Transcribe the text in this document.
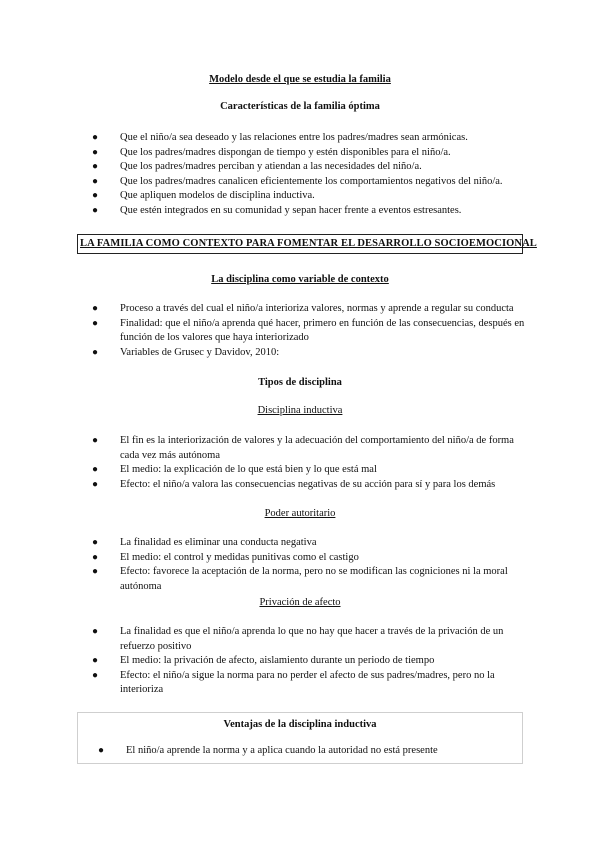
Modelo desde el que se estudia la familia
Características de la familia óptima
●	Que el niño/a sea deseado y las relaciones entre los padres/madres sean armónicas.
●	Que los padres/madres dispongan de tiempo y estén disponibles para el niño/a.
●	Que los padres/madres perciban y atiendan a las necesidades del niño/a.
●	Que los padres/madres canalicen eficientemente los comportamientos negativos del niño/a.
●	Que apliquen modelos de disciplina inductiva.
●	Que estén integrados en su comunidad y sepan hacer frente a eventos estresantes.
LA FAMILIA COMO CONTEXTO PARA FOMENTAR EL DESARROLLO SOCIOEMOCIONAL
La disciplina como variable de contexto
●	Proceso a través del cual el niño/a interioriza valores, normas y aprende a regular su conducta
●	Finalidad: que el niño/a aprenda qué hacer, primero en función de las consecuencias, después en función de los valores que haya interiorizado
●	Variables de Grusec y Davidov, 2010:
Tipos de disciplina
Disciplina inductiva
●	El fin es la interiorización de valores y la adecuación del comportamiento del niño/a de forma cada vez más autónoma
●	El medio: la explicación de lo que está bien y lo que está mal
●	Efecto: el niño/a valora las consecuencias negativas de su acción para sí y para los demás
Poder autoritario
●	La finalidad es eliminar una conducta negativa
●	El medio: el control y medidas punitivas como el castigo
●	Efecto: favorece la aceptación de la norma, pero no se modifican las cogniciones ni la moral autónoma
Privación de afecto
●	La finalidad es que el niño/a aprenda lo que no hay que hacer a través de la privación de un refuerzo positivo
●	El medio: la privación de afecto, aislamiento durante un periodo de tiempo
●	Efecto: el niño/a sigue la norma para no perder el afecto de sus padres/madres, pero no la interioriza
Ventajas de la disciplina inductiva
●	El niño/a aprende la norma y a aplica cuando la autoridad no está presente
